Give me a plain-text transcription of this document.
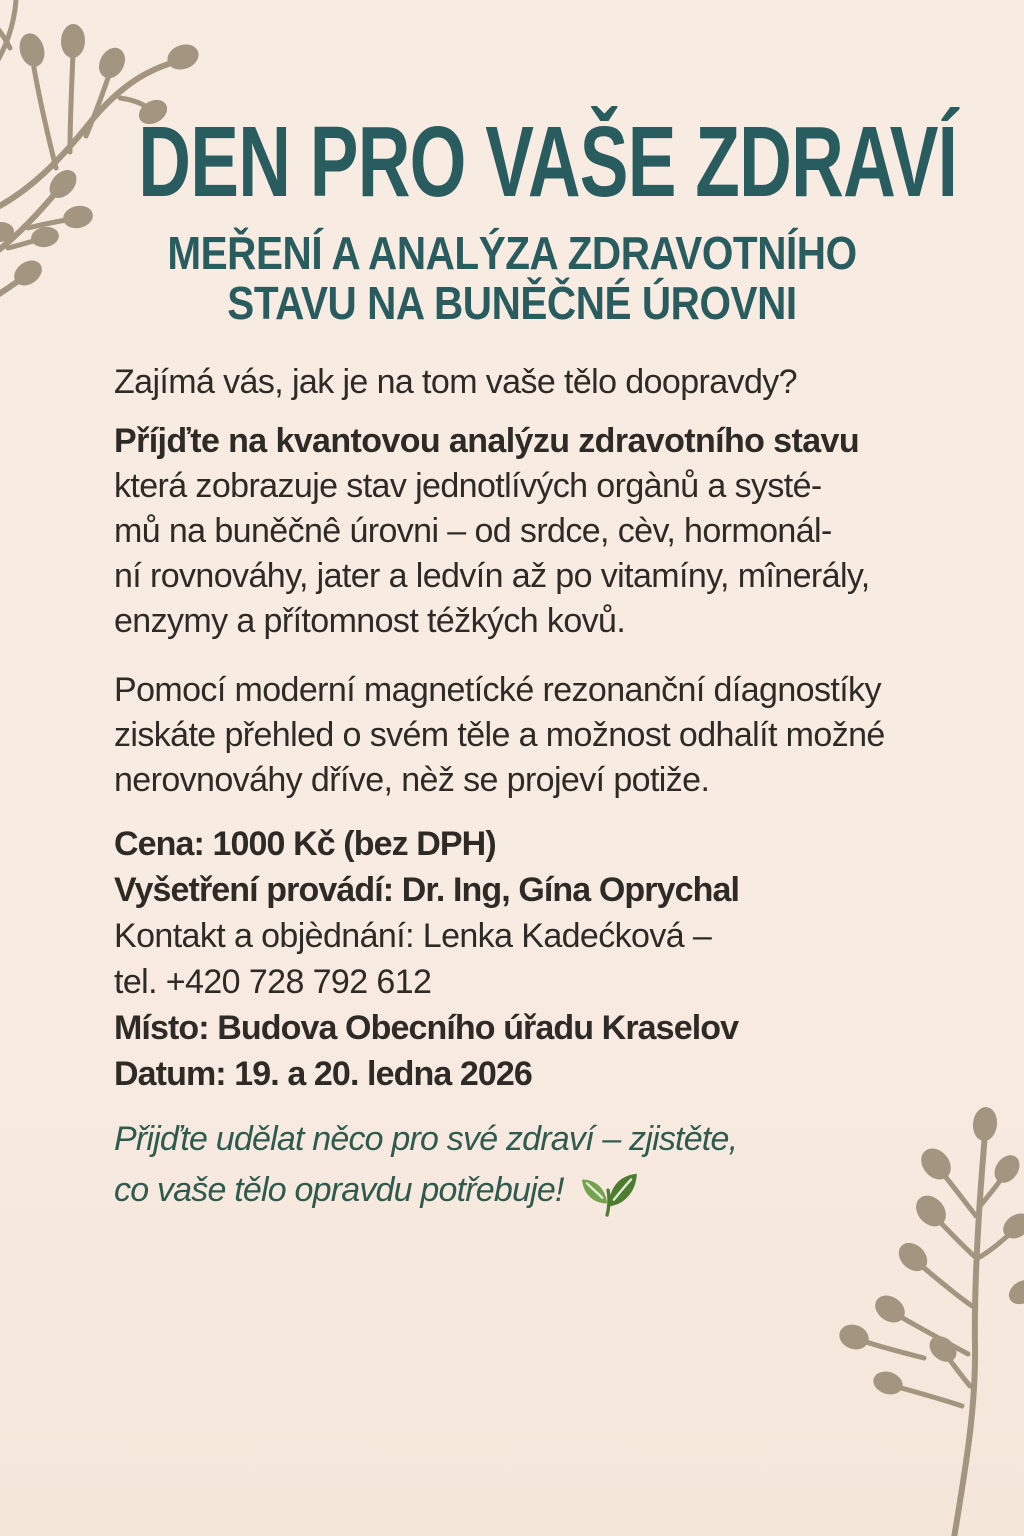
DEN PRO VAŠE ZDRAVÍ
MEŘENÍ A ANALÝZA ZDRAVOTNÍHO
STAVU NA BUNĚČNÉ ÚROVNI

Zajímá vás, jak je na tom vaše tělo doopravdy?

Příjďte na kvantovou analýzu zdravotního stavu
která zobrazuje stav jednotlívých orgànů a systé-
mů na buněčnê úrovni – od srdce, cèv, hormonál-
ní rovnováhy, jater a ledvín až po vitamíny, mînerály,
enzymy a přítomnost téžkých kovů.
Pomocí moderní magnetícké rezonanční díagnostíky
ziskáte přehled o svém těle a možnost odhalít možné
nerovnováhy dříve, nèž se projeví potiže.
Cena: 1000 Kč (bez DPH)
Vyšetření provádí: Dr. Ing, Gína Oprychal
Kontakt a objèdnání: Lenka Kadećková –
tel. +420 728 792 612
Místo: Budova Obecního úřadu Kraselov
Datum: 19. a 20. ledna 2026
Přijďte udělat něco pro své zdraví – zjistěte,
co vaše tělo opravdu potřebuje!
